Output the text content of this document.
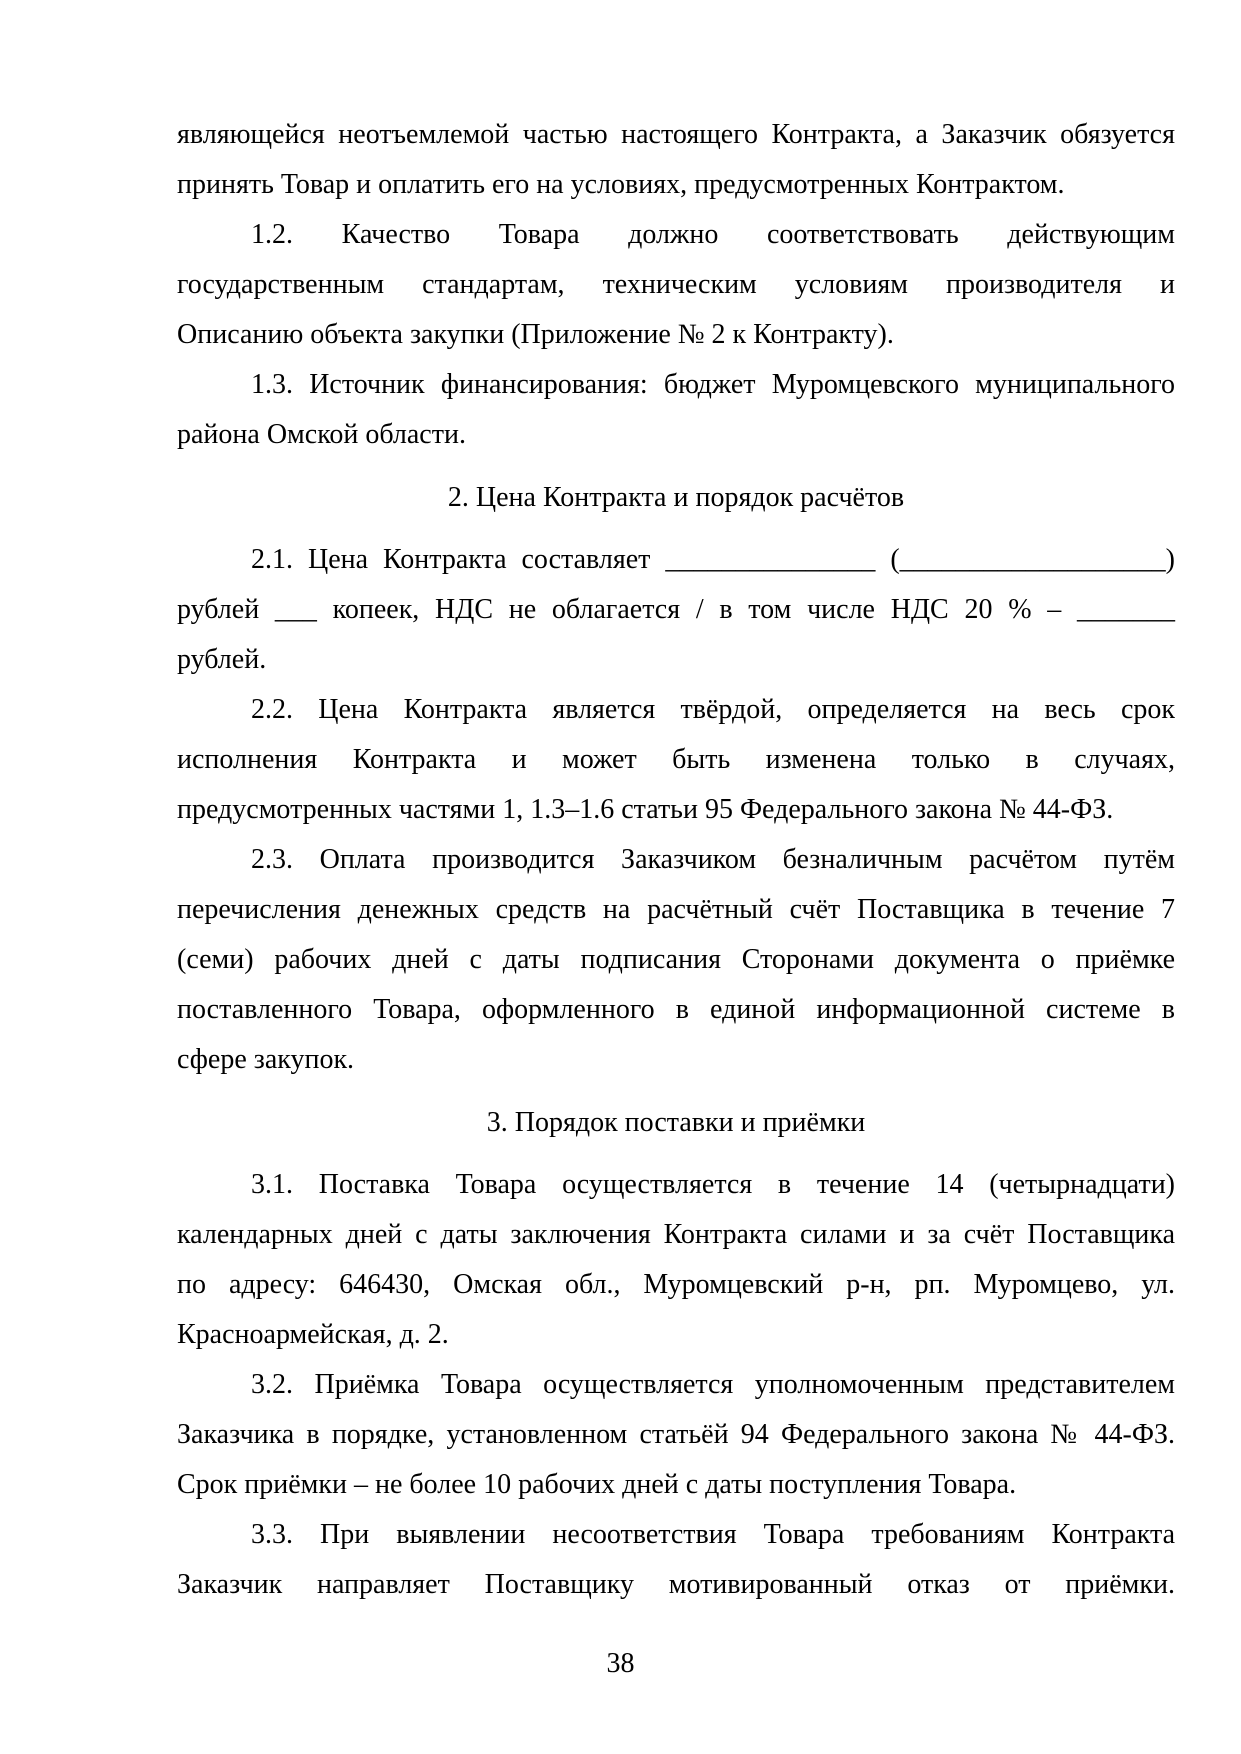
являющейся неотъемлемой частью настоящего Контракта, а Заказчик обязуется
принять Товар и оплатить его на условиях, предусмотренных Контрактом.
1.2. Качество Товара должно соответствовать действующим
государственным стандартам, техническим условиям производителя и
Описанию объекта закупки (Приложение № 2 к Контракту).
1.3. Источник финансирования: бюджет Муромцевского муниципального
района Омской области.
2. Цена Контракта и порядок расчётов
2.1. Цена Контракта составляет _______________ (___________________)
рублей ___ копеек, НДС не облагается / в том числе НДС 20 % – _______
рублей.
2.2. Цена Контракта является твёрдой, определяется на весь срок
исполнения Контракта и может быть изменена только в случаях,
предусмотренных частями 1, 1.3–1.6 статьи 95 Федерального закона № 44-ФЗ.
2.3. Оплата производится Заказчиком безналичным расчётом путём
перечисления денежных средств на расчётный счёт Поставщика в течение 7
(семи) рабочих дней с даты подписания Сторонами документа о приёмке
поставленного Товара, оформленного в единой информационной системе в
сфере закупок.
3. Порядок поставки и приёмки
3.1. Поставка Товара осуществляется в течение 14 (четырнадцати)
календарных дней с даты заключения Контракта силами и за счёт Поставщика
по адресу: 646430, Омская обл., Муромцевский р-н, рп. Муромцево, ул.
Красноармейская, д. 2.
3.2. Приёмка Товара осуществляется уполномоченным представителем
Заказчика в порядке, установленном статьёй 94 Федерального закона № 44-ФЗ.
Срок приёмки – не более 10 рабочих дней с даты поступления Товара.
3.3. При выявлении несоответствия Товара требованиям Контракта
Заказчик направляет Поставщику мотивированный отказ от приёмки.
38
